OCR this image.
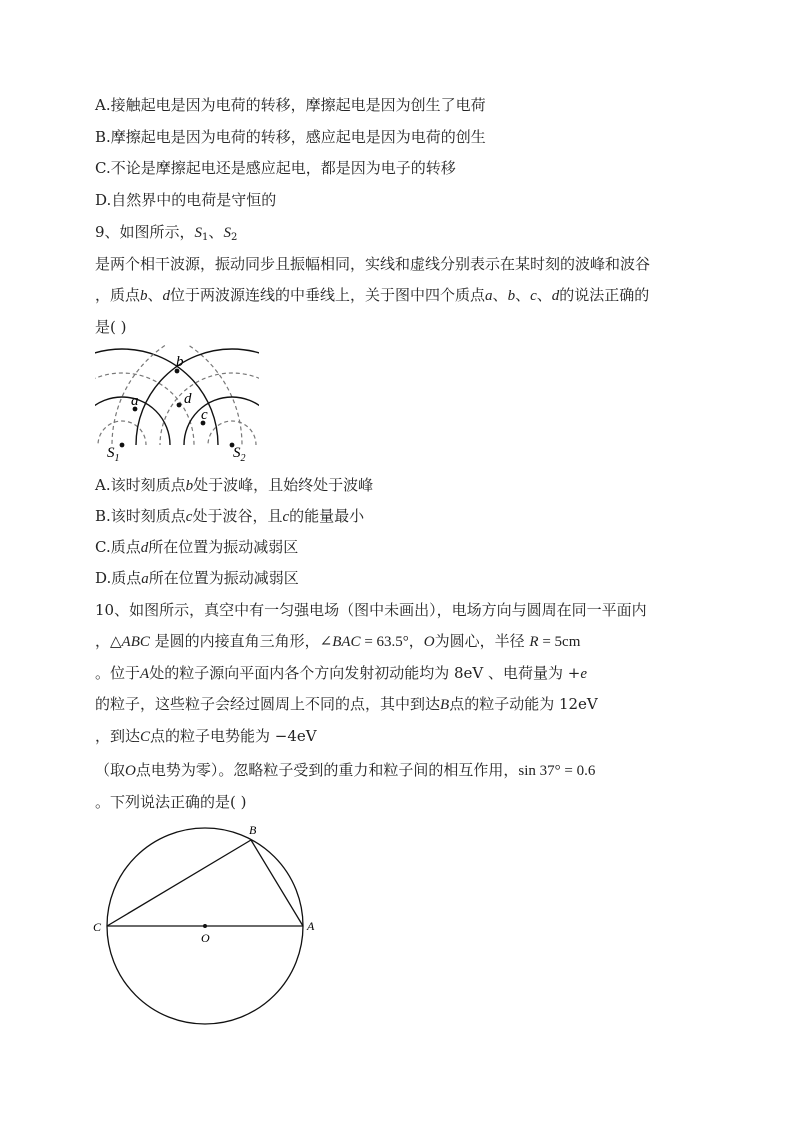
A.接触起电是因为电荷的转移，摩擦起电是因为创生了电荷
B.摩擦起电是因为电荷的转移，感应起电是因为电荷的创生
C.不论是摩擦起电还是感应起电，都是因为电子的转移
D.自然界中的电荷是守恒的
9、如图所示，$S_1$、$S_2$
是两个相干波源，振动同步且振幅相同，实线和虚线分别表示在某时刻的波峰和波谷
，质点b、d位于两波源连线的中垂线上，关于图中四个质点a、b、c、d的说法正确的
是( )
b
a	d
c
$S_1$	$S_2$
A.该时刻质点b处于波峰，且始终处于波峰
B.该时刻质点c处于波谷，且c的能量最小
C.质点d所在位置为振动减弱区
D.质点a所在位置为振动减弱区
10、如图所示，真空中有一匀强电场（图中未画出），电场方向与圆周在同一平面内
，△ABC 是圆的内接直角三角形，∠BAC = 63.5°，O为圆心，半径 R = 5cm
。位于A处的粒子源向平面内各个方向发射初动能均为 8eV 、电荷量为 +e
的粒子，这些粒子会经过圆周上不同的点，其中到达B点的粒子动能为 12eV
，到达C点的粒子电势能为 −4eV
（取O点电势为零）。忽略粒子受到的重力和粒子间的相互作用，sin 37° = 0.6
。下列说法正确的是( )
B
C	A
O
